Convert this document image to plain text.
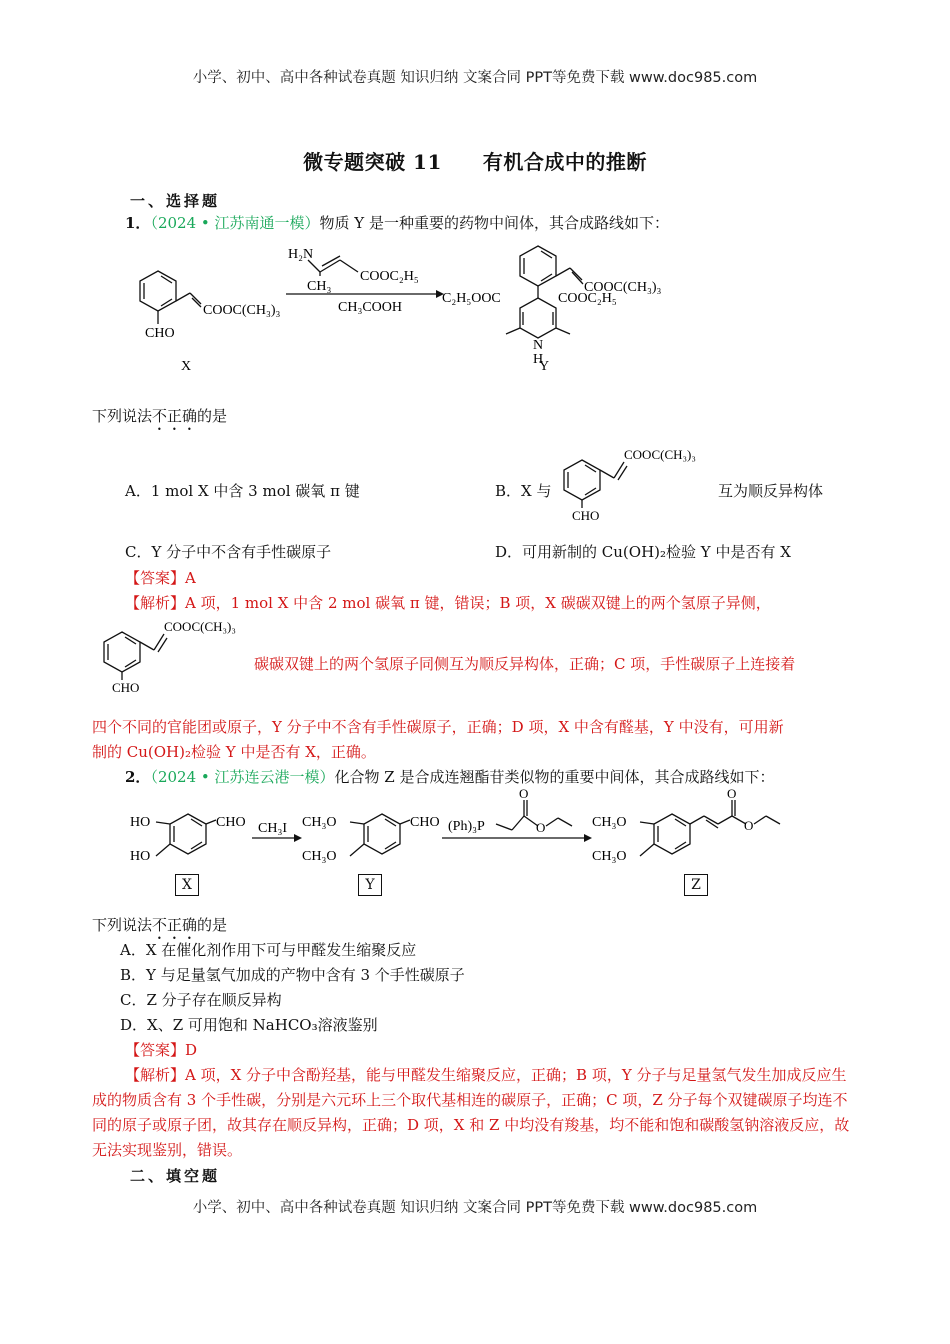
小学、初中、高中各种试卷真题 知识归纳 文案合同 PPT等免费下载 www.doc985.com
微专题突破 11　　有机合成中的推断
一、选择题
1．（2024 • 江苏南通一模）物质 Y 是一种重要的药物中间体，其合成路线如下：
COOC(CH₃)₃
CHO
X
H₂N
CH₃
COOC₂H₅
CH₃COOH
COOC(CH₃)₃
COOC₂H₅
C₂H₅OOC
N
H
Y
下列说法不正确的是
A．1 mol X 中含 3 mol 碳氧 π 键	B．X 与
COOC(CH₃)₃
CHO
互为顺反异构体
C．Y 分子中不含有手性碳原子	D．可用新制的 Cu(OH)₂检验 Y 中是否有 X
【答案】A
【解析】A 项，1 mol X 中含 2 mol 碳氧 π 键，错误；B 项，X 碳碳双键上的两个氢原子异侧，
COOC(CH₃)₃
CHO
碳碳双键上的两个氢原子同侧互为顺反异构体，正确；C 项，手性碳原子上连接着
四个不同的官能团或原子，Y 分子中不含有手性碳原子，正确；D 项，X 中含有醛基，Y 中没有，可用新
制的 Cu(OH)₂检验 Y 中是否有 X，正确。
2．（2024 • 江苏连云港一模）化合物 Z 是合成连翘酯苷类似物的重要中间体，其合成路线如下：
HO
HO
CHO CH₃I CH₃O
CH₃O
CHO (Ph)₃P
O
O	CH₃O
CH₃O
O
O
X	Y	Z
下列说法不正确的是
A．X 在催化剂作用下可与甲醛发生缩聚反应
B．Y 与足量氢气加成的产物中含有 3 个手性碳原子
C．Z 分子存在顺反异构
D．X、Z 可用饱和 NaHCO₃溶液鉴别
【答案】D
【解析】A 项，X 分子中含酚羟基，能与甲醛发生缩聚反应，正确；B 项，Y 分子与足量氢气发生加成反应生成的物质含有 3 个手性碳，分别是六元环上三个取代基相连的碳原子，正确；C 项，Z 分子每个双键碳原子均连不同的原子或原子团，故其存在顺反异构，正确；D 项，X 和 Z 中均没有羧基，均不能和饱和碳酸氢钠溶液反应，故无法实现鉴别，错误。
二、填空题
小学、初中、高中各种试卷真题 知识归纳 文案合同 PPT等免费下载 www.doc985.com
